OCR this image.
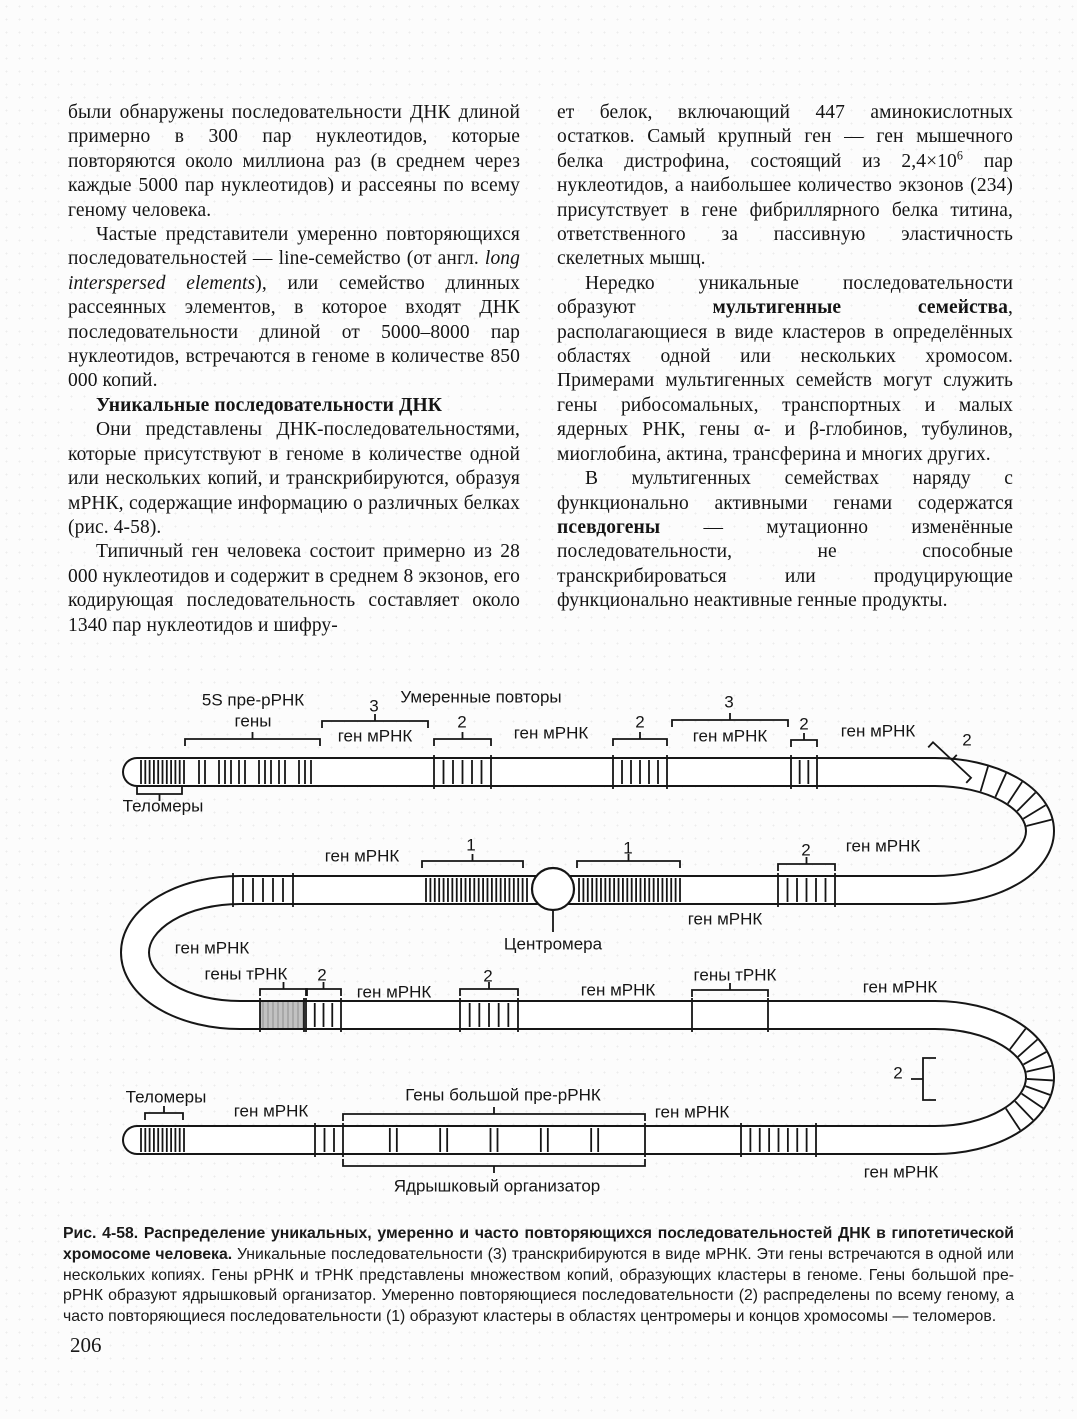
были обнаружены последовательности ДНК длиной примерно в 300 пар нуклеотидов, которые повторяются около миллиона раз (в среднем через каждые 5000 пар нуклеотидов) и рассеяны по всему геному человека.

Частые представители умеренно повторяющихся последовательностей — line-семейство (от англ. long interspersed elements), или семейство длинных рассеянных элементов, в которое входят ДНК последовательности длиной от 5000–8000 пар нуклеотидов, встречаются в геноме в количестве 850 000 копий.

Уникальные последовательности ДНК

Они представлены ДНК-последовательностями, которые присутствуют в геноме в количестве одной или нескольких копий, и транскрибируются, образуя мРНК, содержащие информацию о различных белках (рис. 4-58).

Типичный ген человека состоит примерно из 28 000 нуклеотидов и содержит в среднем 8 экзонов, его кодирующая последовательность составляет около 1340 пар нуклеотидов и шифру-

ет белок, включающий 447 аминокислотных остатков. Самый крупный ген — ген мышечного белка дистрофина, состоящий из $2,4\times 10^6$ пар нуклеотидов, а наибольшее количество экзонов (234) присутствует в гене фибриллярного белка титина, ответственного за пассивную эластичность скелетных мышц.

Нередко уникальные последовательности образуют мультигенные семейства, располагающиеся в виде кластеров в определённых областях одной или нескольких хромосом. Примерами мультигенных семейств могут служить гены рибосомальных, транспортных и малых ядерных РНК, гены α- и β-глобинов, тубулинов, миоглобина, актина, трансферина и многих других.

В мультигенных семействах наряду с функционально активными генами содержатся псевдогены — мутационно изменённые последовательности, не способные транскрибироваться или продуцирующие функционально неактивные генные продукты.

5S пре-рРНК
гены
Умеренные повторы
3
ген мРНК
2
ген мРНК
2
3
ген мРНК
2 ген мРНК	2
Теломеры
ген мРНК
1	1
ген мРНК
2 ген мРНК
Центромера
ген мРНК
гены тРНК 2
ген мРНК
2
ген мРНК
гены тРНК
ген мРНК
2
Теломеры
ген мРНК
Гены большой пре-рРНК
ген мРНК
Ядрышковый организатор
ген мРНК
Рис. 4-58. Распределение уникальных, умеренно и часто повторяющихся последовательностей ДНК в гипотетической хромосоме человека. Уникальные последовательности (3) транскрибируются в виде мРНК. Эти гены встречаются в одной или нескольких копиях. Гены рРНК и тРНК представлены множеством копий, образующих кластеры в геноме. Гены большой пре-рРНК образуют ядрышковый организатор. Умеренно повторяющиеся последовательности (2) распределены по всему геному, а часто повторяющиеся последовательности (1) образуют кластеры в областях центромеры и концов хромосомы — теломеров.
206
